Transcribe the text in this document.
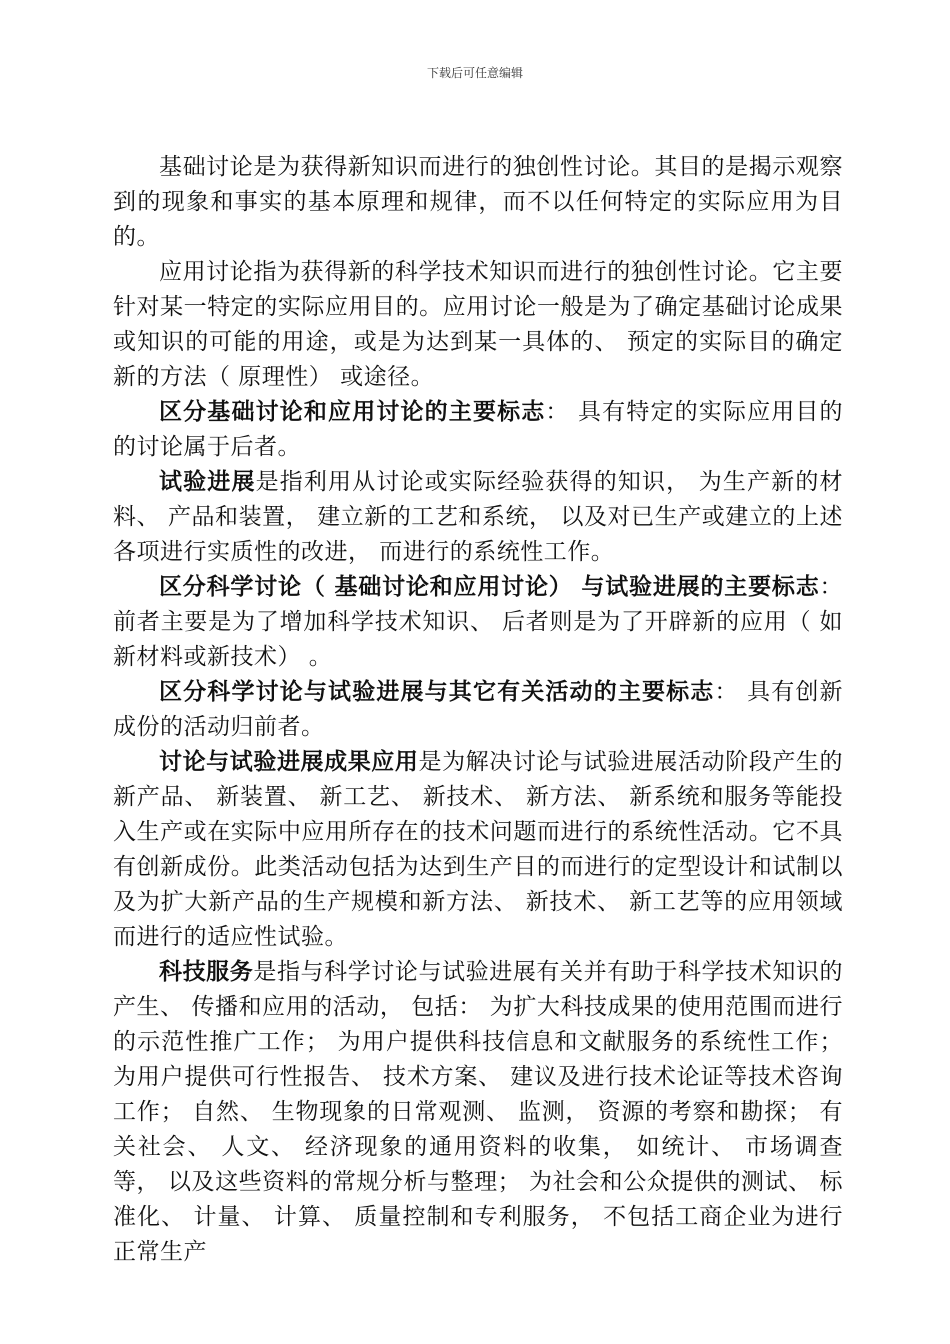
下载后可任意编辑

基础讨论是为获得新知识而进行的独创性讨论。其目的是揭示观察到的现象和事实的基本原理和规律，而不以任何特定的实际应用为目的。

应用讨论指为获得新的科学技术知识而进行的独创性讨论。它主要针对某一特定的实际应用目的。应用讨论一般是为了确定基础讨论成果或知识的可能的用途，或是为达到某一具体的、 预定的实际目的确定新的方法（ 原理性） 或途径。

区分基础讨论和应用讨论的主要标志： 具有特定的实际应用目的的讨论属于后者。

试验进展是指利用从讨论或实际经验获得的知识， 为生产新的材料、 产品和装置， 建立新的工艺和系统， 以及对已生产或建立的上述各项进行实质性的改进， 而进行的系统性工作。

区分科学讨论（ 基础讨论和应用讨论） 与试验进展的主要标志： 前者主要是为了增加科学技术知识、 后者则是为了开辟新的应用（ 如新材料或新技术） 。

区分科学讨论与试验进展与其它有关活动的主要标志： 具有创新成份的活动归前者。

讨论与试验进展成果应用是为解决讨论与试验进展活动阶段产生的新产品、 新装置、 新工艺、 新技术、 新方法、 新系统和服务等能投入生产或在实际中应用所存在的技术问题而进行的系统性活动。它不具有创新成份。此类活动包括为达到生产目的而进行的定型设计和试制以及为扩大新产品的生产规模和新方法、 新技术、 新工艺等的应用领域而进行的适应性试验。

科技服务是指与科学讨论与试验进展有关并有助于科学技术知识的产生、 传播和应用的活动， 包括： 为扩大科技成果的使用范围而进行的示范性推广工作； 为用户提供科技信息和文献服务的系统性工作； 为用户提供可行性报告、 技术方案、 建议及进行技术论证等技术咨询工作； 自然、 生物现象的日常观测、 监测， 资源的考察和勘探； 有关社会、 人文、 经济现象的通用资料的收集， 如统计、 市场调查等， 以及这些资料的常规分析与整理； 为社会和公众提供的测试、 标准化、 计量、 计算、 质量控制和专利服务， 不包括工商企业为进行正常生产
